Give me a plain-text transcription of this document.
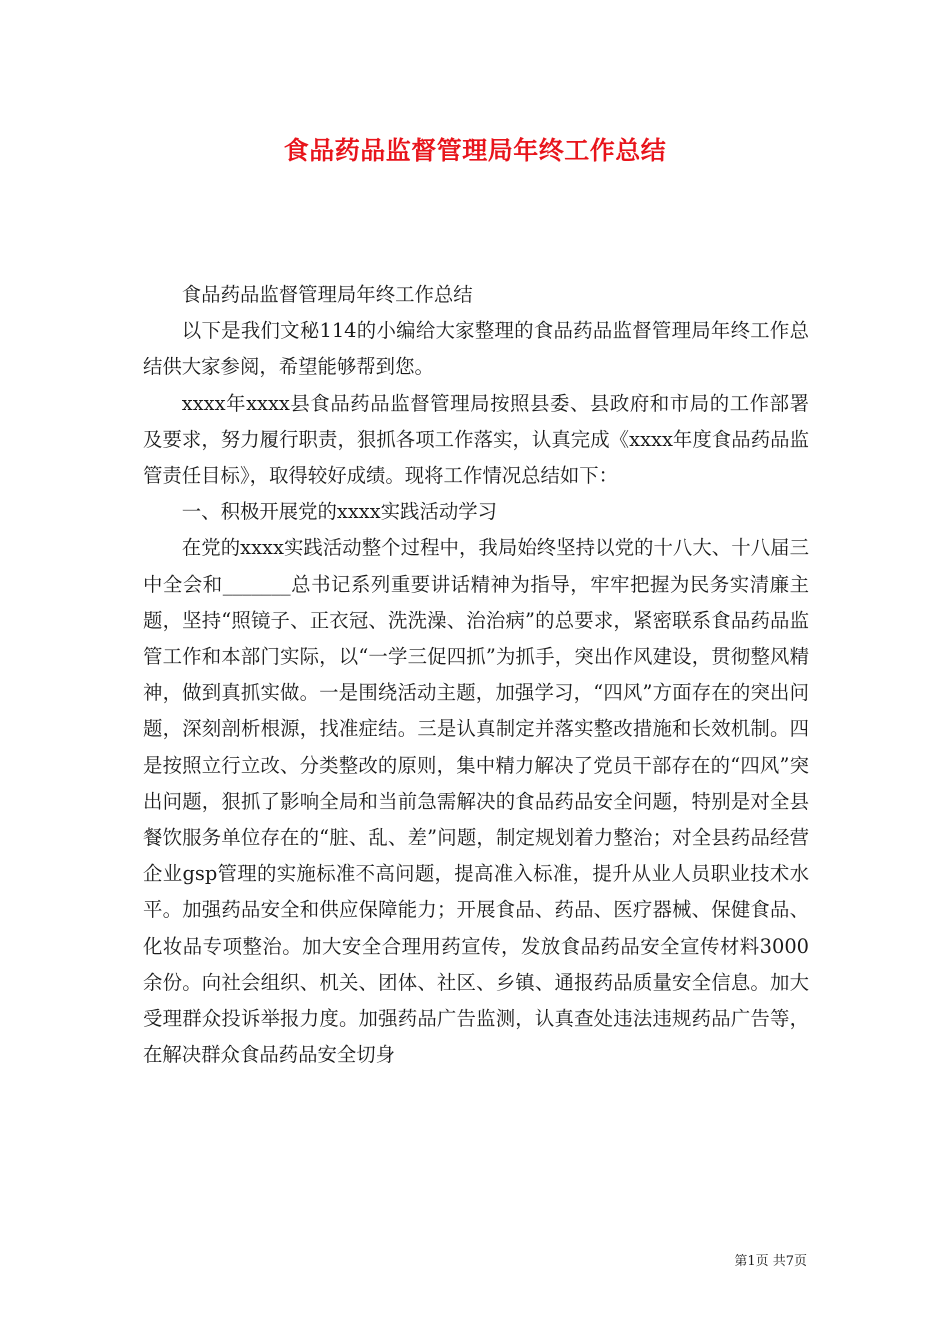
食品药品监督管理局年终工作总结

食品药品监督管理局年终工作总结

以下是我们文秘114的小编给大家整理的食品药品监督管理局年终工作总结供大家参阅，希望能够帮到您。

xxxx年xxxx县食品药品监督管理局按照县委、县政府和市局的工作部署及要求，努力履行职责，狠抓各项工作落实，认真完成《xxxx年度食品药品监管责任目标》，取得较好成绩。现将工作情况总结如下：

一、积极开展党的xxxx实践活动学习

在党的xxxx实践活动整个过程中，我局始终坚持以党的十八大、十八届三中全会和_______总书记系列重要讲话精神为指导，牢牢把握为民务实清廉主题，坚持“照镜子、正衣冠、洗洗澡、治治病”的总要求，紧密联系食品药品监管工作和本部门实际，以“一学三促四抓”为抓手，突出作风建设，贯彻整风精神，做到真抓实做。一是围绕活动主题，加强学习，“四风”方面存在的突出问题，深刻剖析根源，找准症结。三是认真制定并落实整改措施和长效机制。四是按照立行立改、分类整改的原则，集中精力解决了党员干部存在的“四风”突出问题，狠抓了影响全局和当前急需解决的食品药品安全问题，特别是对全县餐饮服务单位存在的“脏、乱、差”问题，制定规划着力整治；对全县药品经营企业gsp管理的实施标准不高问题，提高准入标准，提升从业人员职业技术水平。加强药品安全和供应保障能力；开展食品、药品、医疗器械、保健食品、化妆品专项整治。加大安全合理用药宣传，发放食品药品安全宣传材料3000余份。向社会组织、机关、团体、社区、乡镇、通报药品质量安全信息。加大受理群众投诉举报力度。加强药品广告监测，认真查处违法违规药品广告等，在解决群众食品药品安全切身

第1页 共7页
